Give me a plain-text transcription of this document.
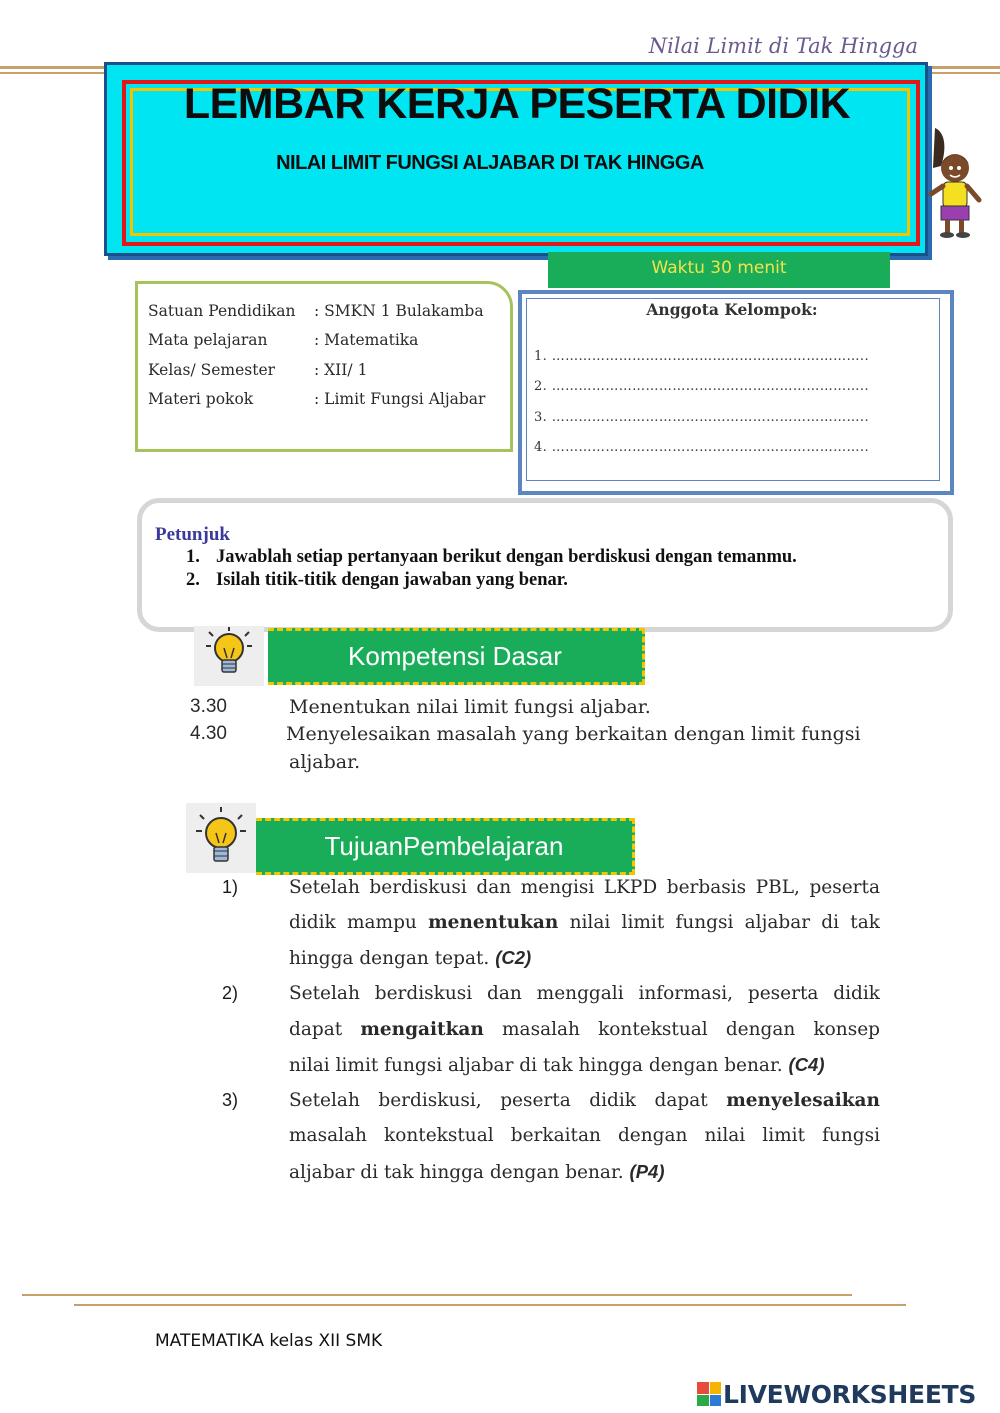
Nilai Limit di Tak Hingga
LEMBAR KERJA PESERTA DIDIK
NILAI LIMIT FUNGSI ALJABAR DI TAK HINGGA
Waktu 30 menit
Satuan Pendidikan : SMKN 1 Bulakamba
Mata pelajaran	: Matematika
Kelas/ Semester	: XII/ 1
Materi pokok	: Limit Fungsi Aljabar
Anggota Kelompok:
1. ……………………………………………………………..
2. ……………………………………………………………..
3. ……………………………………………………………..
4. ……………………………………………………………..
Petunjuk
1. Jawablah setiap pertanyaan berikut dengan berdiskusi dengan temanmu.
2. Isilah titik-titik dengan jawaban yang benar.
Kompetensi Dasar
3.30	Menentukan nilai limit fungsi aljabar.
4.30	Menyelesaikan masalah yang berkaitan dengan limit fungsi
aljabar.
TujuanPembelajaran
1)	Setelah berdiskusi dan mengisi LKPD berbasis PBL, peserta
didik mampu menentukan nilai limit fungsi aljabar di tak
hingga dengan tepat. (C2)
2)	Setelah berdiskusi dan menggali informasi, peserta didik
dapat mengaitkan masalah kontekstual dengan konsep
nilai limit fungsi aljabar di tak hingga dengan benar. (C4)
3)	Setelah berdiskusi, peserta didik dapat menyelesaikan
masalah kontekstual berkaitan dengan nilai limit fungsi
aljabar di tak hingga dengan benar. (P4)
MATEMATIKA kelas XII SMK
LIVEWORKSHEETS
